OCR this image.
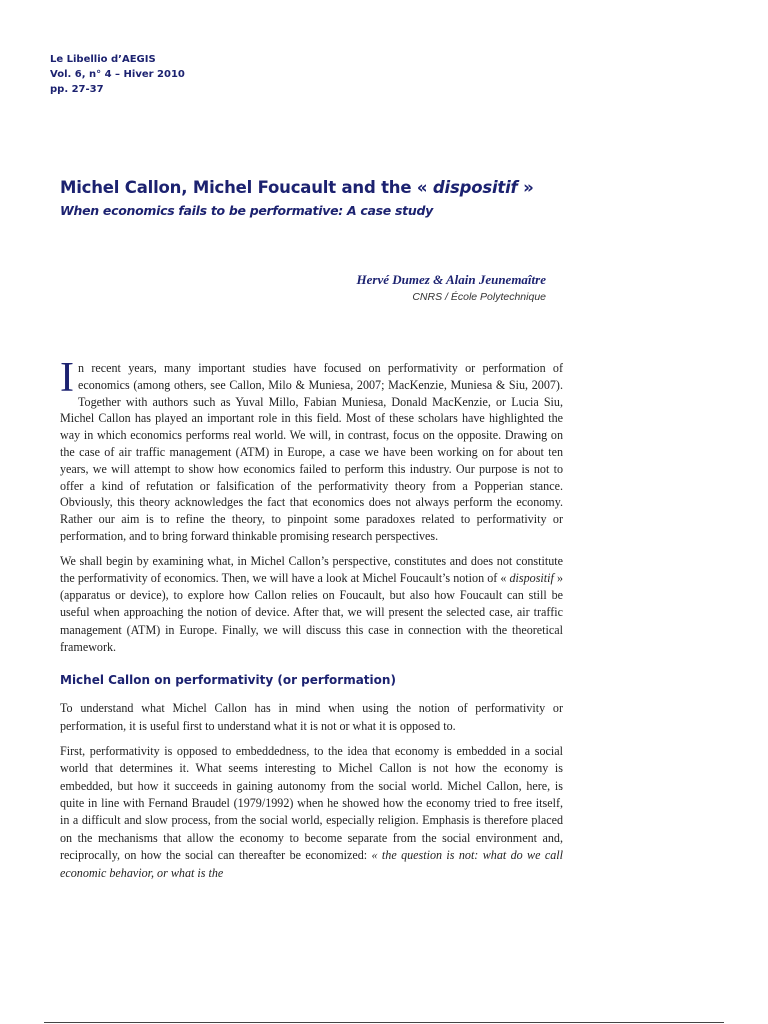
Le Libellio d’AEGIS
Vol. 6, n° 4 – Hiver 2010
pp. 27-37
Michel Callon, Michel Foucault and the « dispositif »
When economics fails to be performative: A case study
Hervé Dumez & Alain Jeunemaître
CNRS / École Polytechnique

In recent years, many important studies have focused on performativity or performation of economics (among others, see Callon, Milo & Muniesa, 2007; MacKenzie, Muniesa & Siu, 2007). Together with authors such as Yuval Millo, Fabian Muniesa, Donald MacKenzie, or Lucia Siu, Michel Callon has played an important role in this field. Most of these scholars have highlighted the way in which economics performs real world. We will, in contrast, focus on the opposite. Drawing on the case of air traffic management (ATM) in Europe, a case we have been working on for about ten years, we will attempt to show how economics failed to perform this industry. Our purpose is not to offer a kind of refutation or falsification of the performativity theory from a Popperian stance. Obviously, this theory acknowledges the fact that economics does not always perform the economy. Rather our aim is to refine the theory, to pinpoint some paradoxes related to performativity or performation, and to bring forward thinkable promising research perspectives.

We shall begin by examining what, in Michel Callon’s perspective, constitutes and does not constitute the performativity of economics. Then, we will have a look at Michel Foucault’s notion of « dispositif » (apparatus or device), to explore how Callon relies on Foucault, but also how Foucault can still be useful when approaching the notion of device. After that, we will present the selected case, air traffic management (ATM) in Europe. Finally, we will discuss this case in connection with the theoretical framework.

Michel Callon on performativity (or performation)

To understand what Michel Callon has in mind when using the notion of performativity or performation, it is useful first to understand what it is not or what it is opposed to.

First, performativity is opposed to embeddedness, to the idea that economy is embedded in a social world that determines it. What seems interesting to Michel Callon is not how the economy is embedded, but how it succeeds in gaining autonomy from the social world. Michel Callon, here, is quite in line with Fernand Braudel (1979/1992) when he showed how the economy tried to free itself, in a difficult and slow process, from the social world, especially religion. Emphasis is therefore placed on the mechanisms that allow the economy to become separate from the social environment and, reciprocally, on how the social can thereafter be economized: « the question is not: what do we call economic behavior, or what is the
